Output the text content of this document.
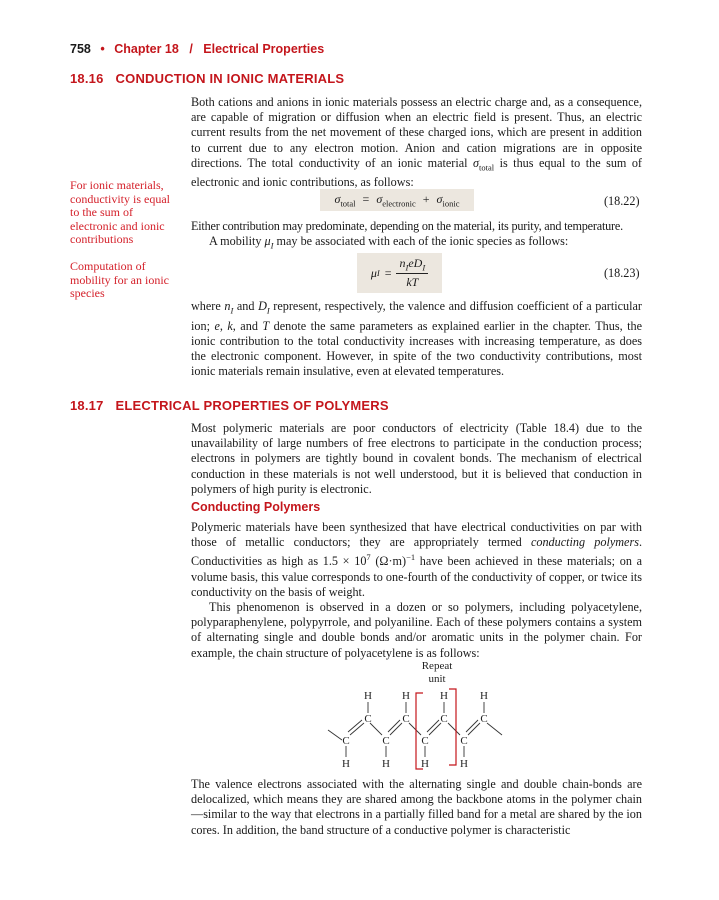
758 • Chapter 18 / Electrical Properties
18.16 CONDUCTION IN IONIC MATERIALS

Both cations and anions in ionic materials possess an electric charge and, as a consequence, are capable of migration or diffusion when an electric field is present. Thus, an electric current results from the net movement of these charged ions, which are present in addition to current due to any electron motion. Anion and cation migrations are in opposite directions. The total conductivity of an ionic material $\sigma_{total}$ is thus equal to the sum of electronic and ionic contributions, as follows:

For ionic materials, conductivity is equal to the sum of electronic and ionic contributions
$\sigma_{total} = \sigma_{electronic} + \sigma_{ionic}$	(18.22)

Either contribution may predominate, depending on the material, its purity, and temperature.

A mobility $\mu_I$ may be associated with each of the ionic species as follows:

Computation of mobility for an ionic species
μ $I = \frac{n_IeD_I}{kT}$	(18.23)

where $n_I$ and $D_I$ represent, respectively, the valence and diffusion coefficient of a particular ion; e, k, and T denote the same parameters as explained earlier in the chapter. Thus, the ionic contribution to the total conductivity increases with increasing temperature, as does the electronic component. However, in spite of the two conductivity contributions, most ionic materials remain insulative, even at elevated temperatures.

18.17 ELECTRICAL PROPERTIES OF POLYMERS

Most polymeric materials are poor conductors of electricity (Table 18.4) due to the unavailability of large numbers of free electrons to participate in the conduction process; electrons in polymers are tightly bound in covalent bonds. The mechanism of electrical conduction in these materials is not well understood, but it is believed that conduction in polymers of high purity is electronic.

Conducting Polymers

Polymeric materials have been synthesized that have electrical conductivities on par with those of metallic conductors; they are appropriately termed conducting polymers. Conductivities as high as $1.5 \times 10^7$ $(\Omega\cdot m)^{-1}$ have been achieved in these materials; on a volume basis, this value corresponds to one-fourth of the conductivity of copper, or twice its conductivity on the basis of weight.

This phenomenon is observed in a dozen or so polymers, including polyacetylene, polyparaphenylene, polypyrrole, and polyaniline. Each of these polymers contains a system of alternating single and double bonds and/or aromatic units in the polymer chain. For example, the chain structure of polyacetylene is as follows:

Repeat
unit
H	H	H	H
H	H	H	H
C	C	C	C
C	C	C	C

The valence electrons associated with the alternating single and double chain-bonds are delocalized, which means they are shared among the backbone atoms in the polymer chain—similar to the way that electrons in a partially filled band for a metal are shared by the ion cores. In addition, the band structure of a conductive polymer is characteristic
